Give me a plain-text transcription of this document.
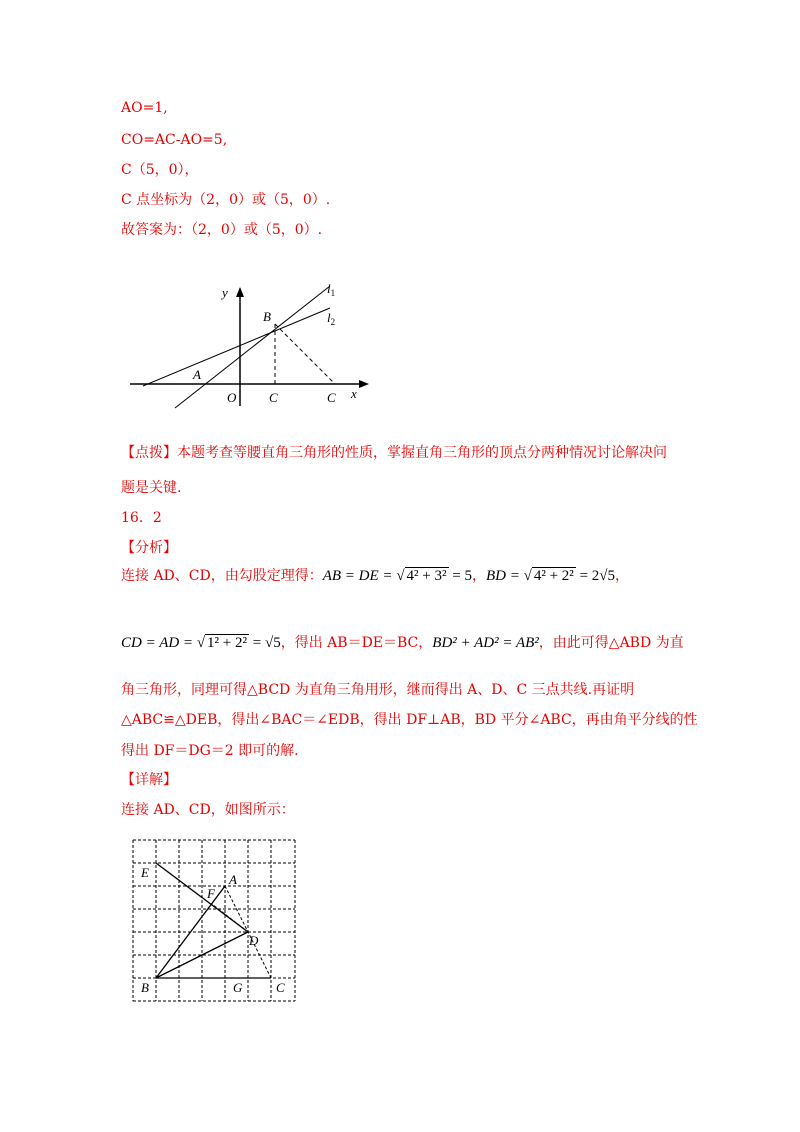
AO=1,
CO=AC-AO=5,
C（5，0），
C 点坐标为（2，0）或（5，0）.
故答案为：（2，0）或（5，0）.
y
x
B
A
O	C	C
$l_1$
$l_2$
【点拨】本题考查等腰直角三角形的性质，掌握直角三角形的顶点分两种情况讨论解决问
题是关键.
16．2
【分析】
连接 AD、CD，由勾股定理得：AB = DE = √ 4² + 3² = 5，BD = √ 4² + 2² = 2√5，
CD = AD = √ 1² + 2² = √5，得出 AB＝DE＝BC，BD² + AD² = AB²，由此可得△ABD 为直
角三角形，同理可得△BCD 为直角三角用形，继而得出 A、D、C 三点共线.再证明
△ABC≌△DEB，得出∠BAC＝∠EDB，得出 DF⊥AB，BD 平分∠ABC，再由角平分线的性
得出 DF＝DG＝2 即可的解.
【详解】
连接 AD、CD，如图所示：
E	A
F
D
B	G	C
